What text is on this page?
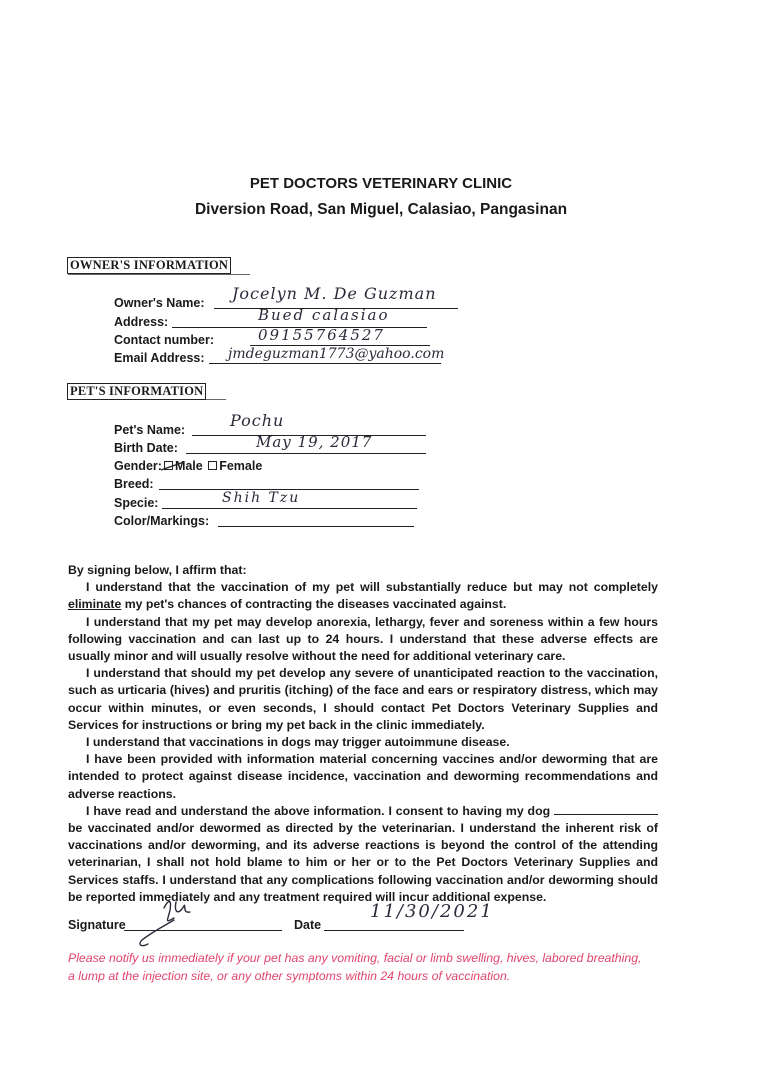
PET DOCTORS VETERINARY CLINIC
Diversion Road, San Miguel, Calasiao, Pangasinan
OWNER'S INFORMATION
Owner's Name: Jocelyn M. De Guzman
Address:	Bued calasiao
Contact number:	09155764527
Email Address: jmdeguzman1773@yahoo.com
PET'S INFORMATION
Pet's Name:	Pochu
Birth Date:	May 19, 2017
Gender: Male Female
Breed:
Specie:	Shih Tzu
Color/Markings:

By signing below, I affirm that:

I understand that the vaccination of my pet will substantially reduce but may not completely eliminate my pet's chances of contracting the diseases vaccinated against.

I understand that my pet may develop anorexia, lethargy, fever and soreness within a few hours following vaccination and can last up to 24 hours. I understand that these adverse effects are usually minor and will usually resolve without the need for additional veterinary care.

I understand that should my pet develop any severe of unanticipated reaction to the vaccination, such as urticaria (hives) and pruritis (itching) of the face and ears or respiratory distress, which may occur within minutes, or even seconds, I should contact Pet Doctors Veterinary Supplies and Services for instructions or bring my pet back in the clinic immediately.

I understand that vaccinations in dogs may trigger autoimmune disease.

I have been provided with information material concerning vaccines and/or deworming that are intended to protect against disease incidence, vaccination and deworming recommendations and adverse reactions.

I have read and understand the above information. I consent to having my dog  be vaccinated and/or dewormed as directed by the veterinarian. I understand the inherent risk of vaccinations and/or deworming, and its adverse reactions is beyond the control of the attending veterinarian, I shall not hold blame to him or her or to the Pet Doctors Veterinary Supplies and Services staffs. I understand that any complications following vaccination and/or deworming should be reported immediately and any treatment required will incur additional expense.

Signature	Date
11/30/2021
Please notify us immediately if your pet has any vomiting, facial or limb swelling, hives, labored breathing, a lump at the injection site, or any other symptoms within 24 hours of vaccination.
